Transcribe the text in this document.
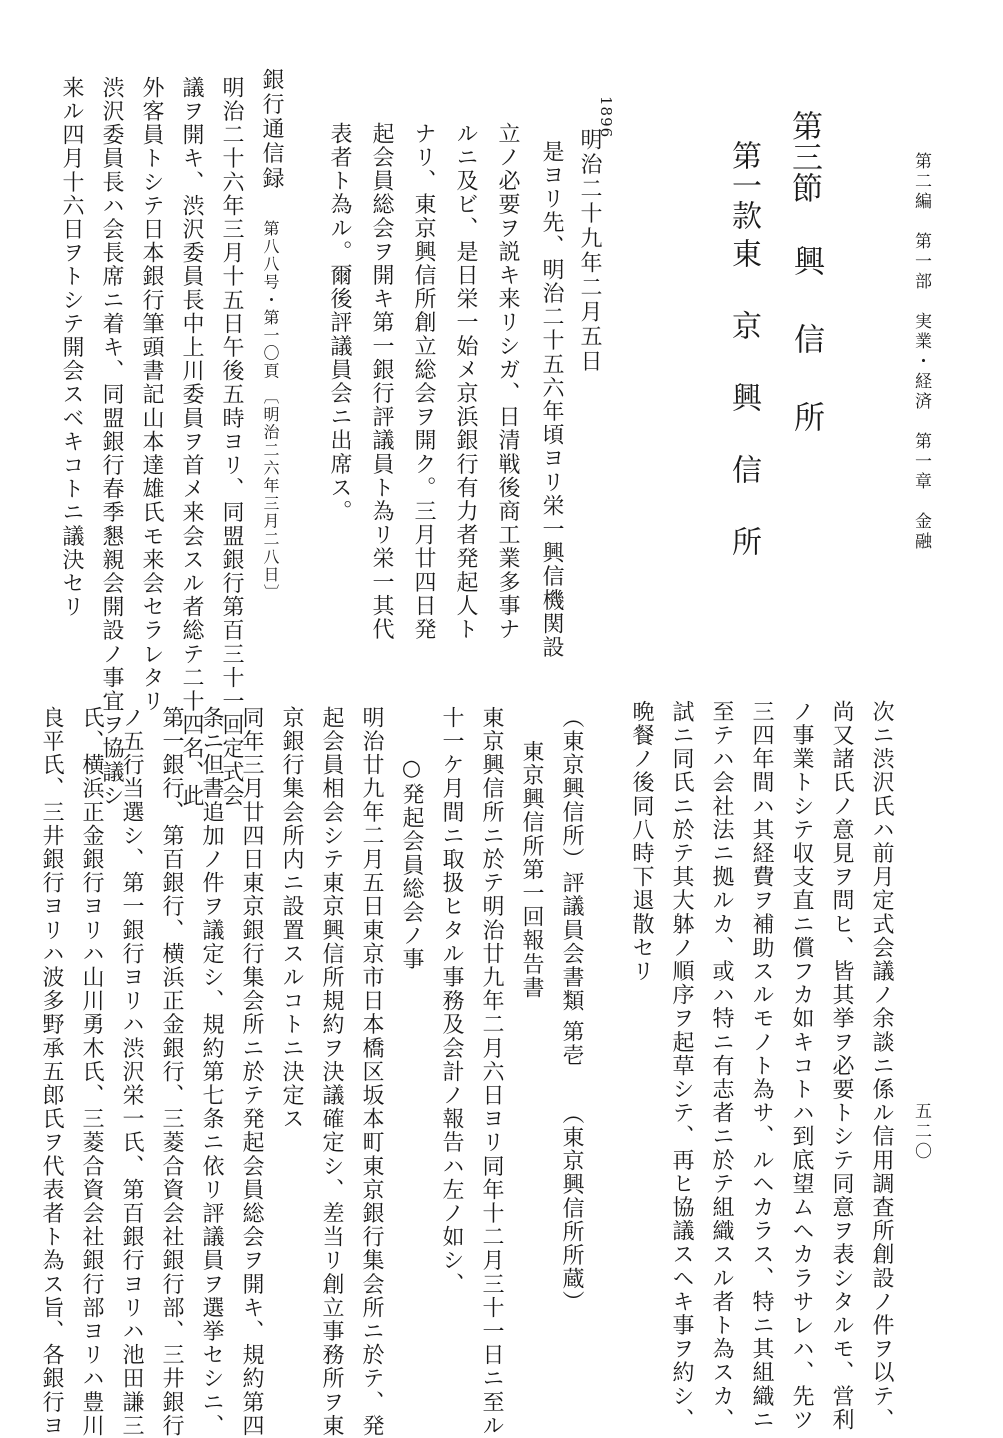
第二編　第一部　実業・経済　第一章　金融
五二〇
第三節
興　信　所
第一款
東　京　興　信　所
1896
明治二十九年二月五日
是ヨリ先、明治二十五六年頃ヨリ栄一興信機関設
立ノ必要ヲ説キ来リシガ、日清戦後商工業多事ナ
ルニ及ビ、是日栄一始メ京浜銀行有力者発起人ト
ナリ、東京興信所創立総会ヲ開ク。三月廿四日発
起会員総会ヲ開キ第一銀行評議員ト為リ栄一其代
表者ト為ル。爾後評議員会ニ出席ス。
銀行通信録
第八八号・第一〇頁
〔明治二六年三月二八日〕
明治二十六年三月十五日午後五時ヨリ、同盟銀行第百三十一回定式会
議ヲ開キ、渋沢委員長中上川委員ヲ首メ来会スル者総テ二十四名、此
外客員トシテ日本銀行筆頭書記山本達雄氏モ来会セラレタリ
渋沢委員長ハ会長席ニ着キ、同盟銀行春季懇親会開設ノ事宜ヲ協議シ
来ル四月十六日ヲトシテ開会スベキコトニ議決セリ
次ニ渋沢氏ハ前月定式会議ノ余談ニ係ル信用調査所創設ノ件ヲ以テ、
尚又諸氏ノ意見ヲ問ヒ、皆其挙ヲ必要トシテ同意ヲ表シタルモ、営利
ノ事業トシテ収支直ニ償フカ如キコトハ到底望ムヘカラサレハ、先ツ
三四年間ハ其経費ヲ補助スルモノト為サ、ルヘカラス、特ニ其組織ニ
至テハ会社法ニ拠ルカ、或ハ特ニ有志者ニ於テ組織スル者ト為スカ、
試ニ同氏ニ於テ其大躰ノ順序ヲ起草シテ、再ヒ協議スヘキ事ヲ約シ、
晩餐ノ後同八時下退散セリ
（東京興信所）評議員会書類
第壱
（東京興信所所蔵）
東京興信所第一回報告書
東京興信所ニ於テ明治廿九年二月六日ヨリ同年十二月三十一日ニ至ル
十一ケ月間ニ取扱ヒタル事務及会計ノ報告ハ左ノ如シ、
○発起会員総会ノ事
明治廿九年二月五日東京市日本橋区坂本町東京銀行集会所ニ於テ、発
起会員相会シテ東京興信所規約ヲ決議確定シ、差当リ創立事務所ヲ東
京銀行集会所内ニ設置スルコトニ決定ス
同年三月廿四日東京銀行集会所ニ於テ発起会員総会ヲ開キ、規約第四
条ニ但書追加ノ件ヲ議定シ、規約第七条ニ依リ評議員ヲ選挙セシニ、
第一銀行、第百銀行、横浜正金銀行、三菱合資会社銀行部、三井銀行
ノ五行当選シ、第一銀行ヨリハ渋沢栄一氏、第百銀行ヨリハ池田謙三
氏、横浜正金銀行ヨリハ山川勇木氏、三菱合資会社銀行部ヨリハ豊川
良平氏、三井銀行ヨリハ波多野承五郎氏ヲ代表者ト為ス旨、各銀行ヨ
